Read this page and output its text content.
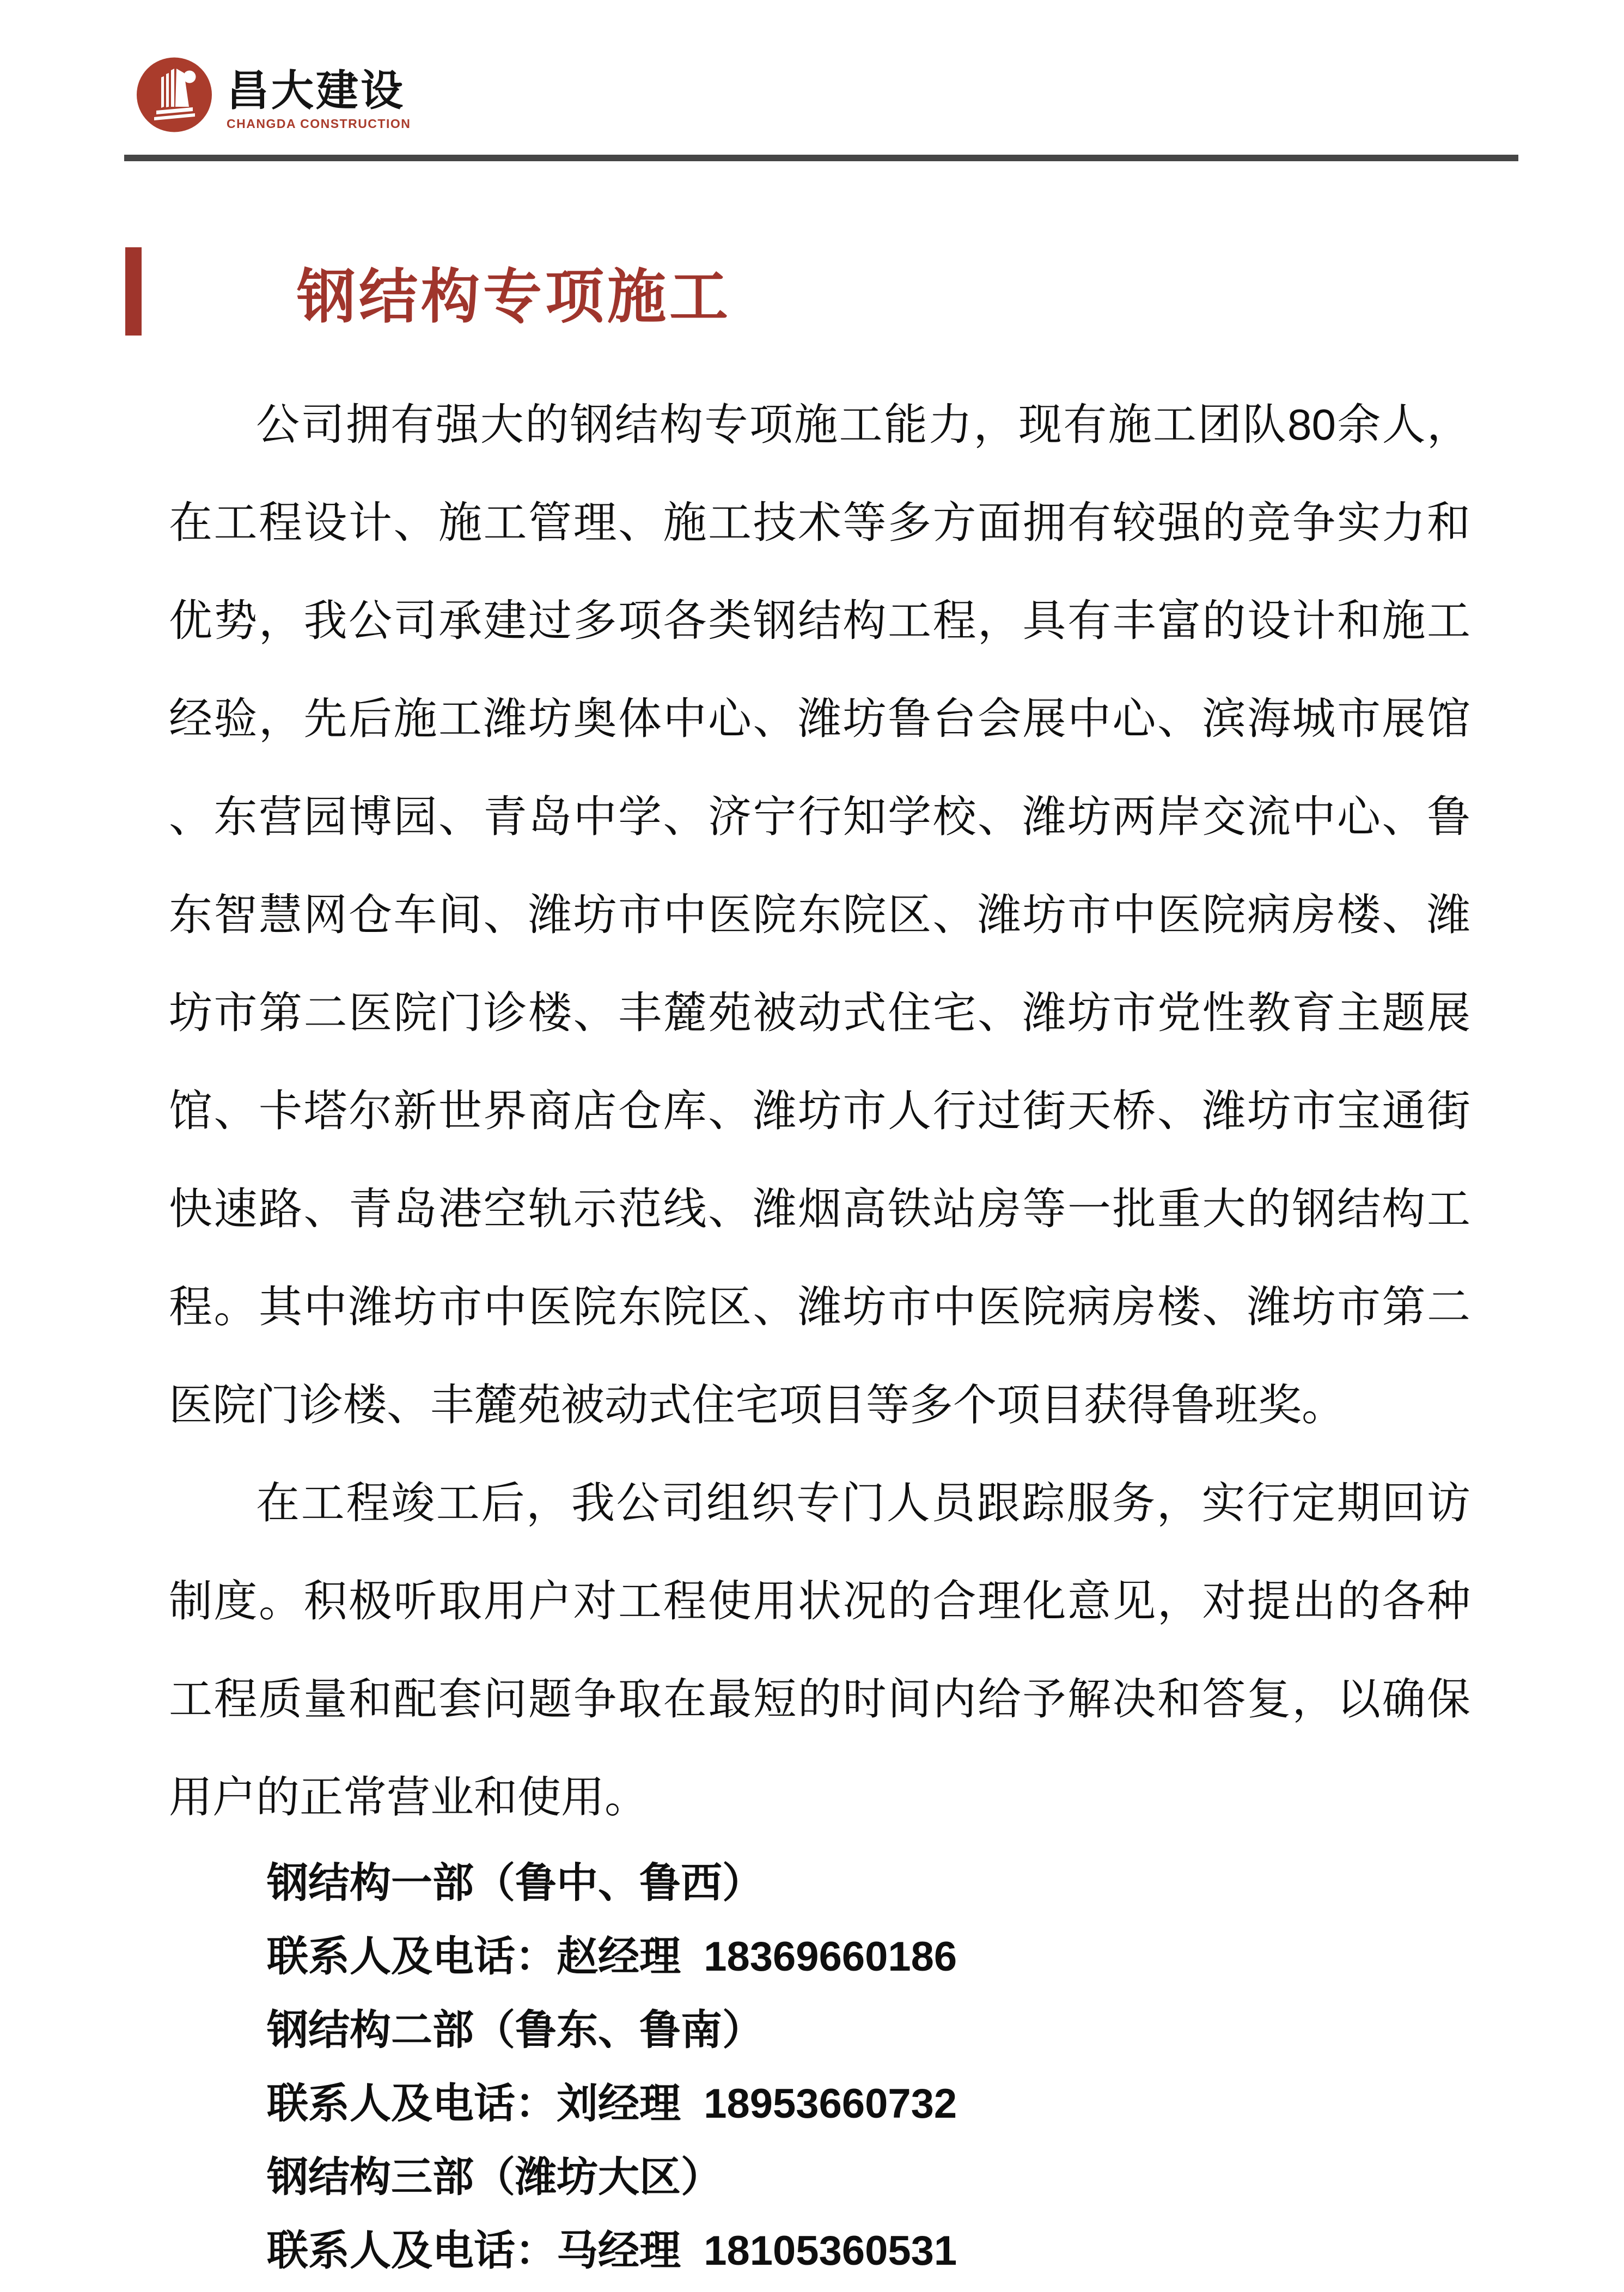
昌大建设
CHANGDA CONSTRUCTION
钢结构专项施工
公司拥有强大的钢结构专项施工能力，现有施工团队80余人，
在工程设计、施工管理、施工技术等多方面拥有较强的竞争实力和
优势，我公司承建过多项各类钢结构工程，具有丰富的设计和施工
经验，先后施工潍坊奥体中心、潍坊鲁台会展中心、滨海城市展馆
、东营园博园、青岛中学、济宁行知学校、潍坊两岸交流中心、鲁
东智慧网仓车间、潍坊市中医院东院区、潍坊市中医院病房楼、潍
坊市第二医院门诊楼、丰麓苑被动式住宅、潍坊市党性教育主题展
馆、卡塔尔新世界商店仓库、潍坊市人行过街天桥、潍坊市宝通街
快速路、青岛港空轨示范线、潍烟高铁站房等一批重大的钢结构工
程。其中潍坊市中医院东院区、潍坊市中医院病房楼、潍坊市第二
医院门诊楼、丰麓苑被动式住宅项目等多个项目获得鲁班奖。
在工程竣工后，我公司组织专门人员跟踪服务，实行定期回访
制度。积极听取用户对工程使用状况的合理化意见，对提出的各种
工程质量和配套问题争取在最短的时间内给予解决和答复，以确保
用户的正常营业和使用。
钢结构一部（鲁中、鲁西）
联系人及电话：赵经理  18369660186
钢结构二部（鲁东、鲁南）
联系人及电话：刘经理  18953660732
钢结构三部（潍坊大区）
联系人及电话：马经理  18105360531
